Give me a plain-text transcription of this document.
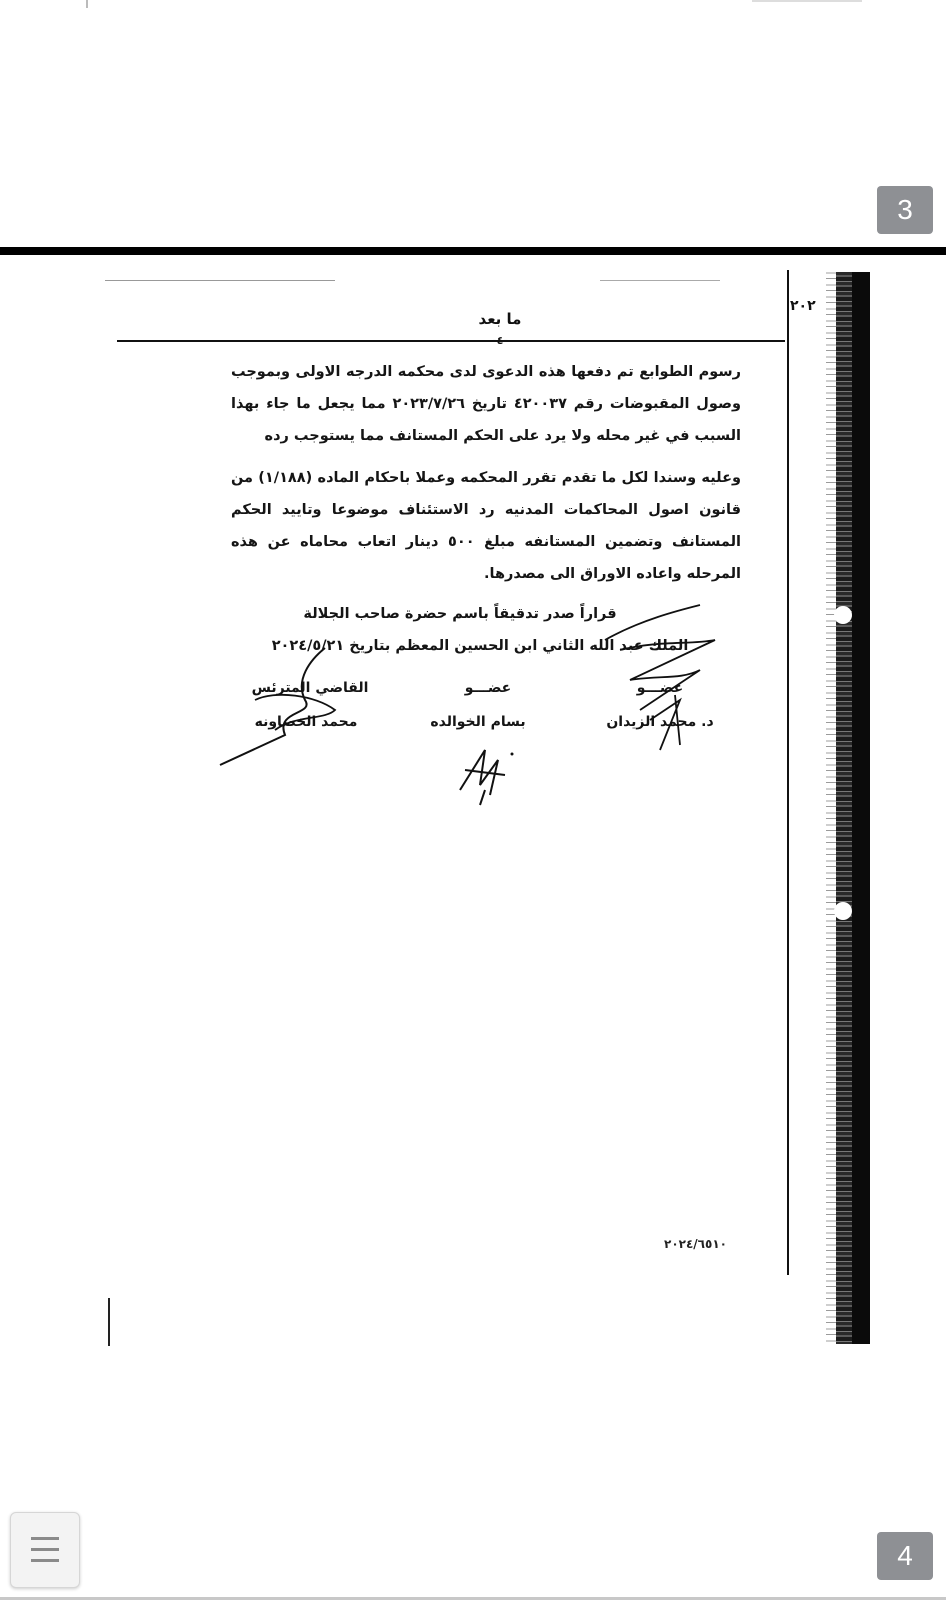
3
٢٠٢
ما بعد
-٤-
رسوم الطوابع تم دفعها هذه الدعوى لدى محكمه الدرجه الاولى وبموجب وصول المقبوضات رقم ٤٢٠٠٣٧ تاريخ ٢٠٢٣/٧/٢٦ مما يجعل ما جاء بهذا السبب في غير محله ولا يرد على الحكم المستانف مما يستوجب رده
وعليه وسندا لكل ما تقدم تقرر المحكمه وعملا باحكام الماده (١/١٨٨) من قانون اصول المحاكمات المدنيه رد الاستئناف موضوعا وتاييد الحكم المستانف وتضمين المستانفه مبلغ ٥٠٠ دينار اتعاب محاماه عن هذه المرحله واعاده الاوراق الى مصدرها.
قراراً صدر تدقيقاً باسم حضرة صاحب الجلالة
الملك عبد الله الثاني ابن الحسين المعظم بتاريخ ٢٠٢٤/٥/٢١
القاضي المترئس	عضـــو	عضـــو
محمد الخصاونه	بسام الخوالده	د. محمد الزيدان
٢٠٢٤/٦٥١٠
4
